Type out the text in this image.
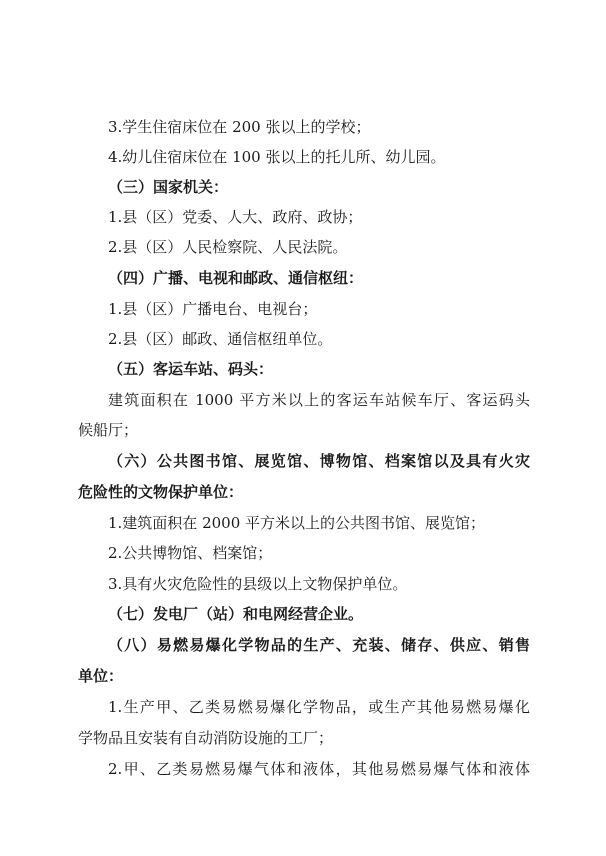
3.学生住宿床位在 200 张以上的学校；
4.幼儿住宿床位在 100 张以上的托儿所、幼儿园。
（三）国家机关：
1.县（区）党委、人大、政府、政协；
2.县（区）人民检察院、人民法院。
（四）广播、电视和邮政、通信枢纽：
1.县（区）广播电台、电视台；
2.县（区）邮政、通信枢纽单位。
（五）客运车站、码头：
建筑面积在 1000 平方米以上的客运车站候车厅、客运码头
候船厅；
（六）公共图书馆、展览馆、博物馆、档案馆以及具有火灾
危险性的文物保护单位：
1.建筑面积在 2000 平方米以上的公共图书馆、展览馆；
2.公共博物馆、档案馆；
3.具有火灾危险性的县级以上文物保护单位。
（七）发电厂（站）和电网经营企业。
（八）易燃易爆化学物品的生产、充装、储存、供应、销售
单位：
1.生产甲、乙类易燃易爆化学物品，或生产其他易燃易爆化
学物品且安装有自动消防设施的工厂；
2.甲、乙类易燃易爆气体和液体，其他易燃易爆气体和液体
